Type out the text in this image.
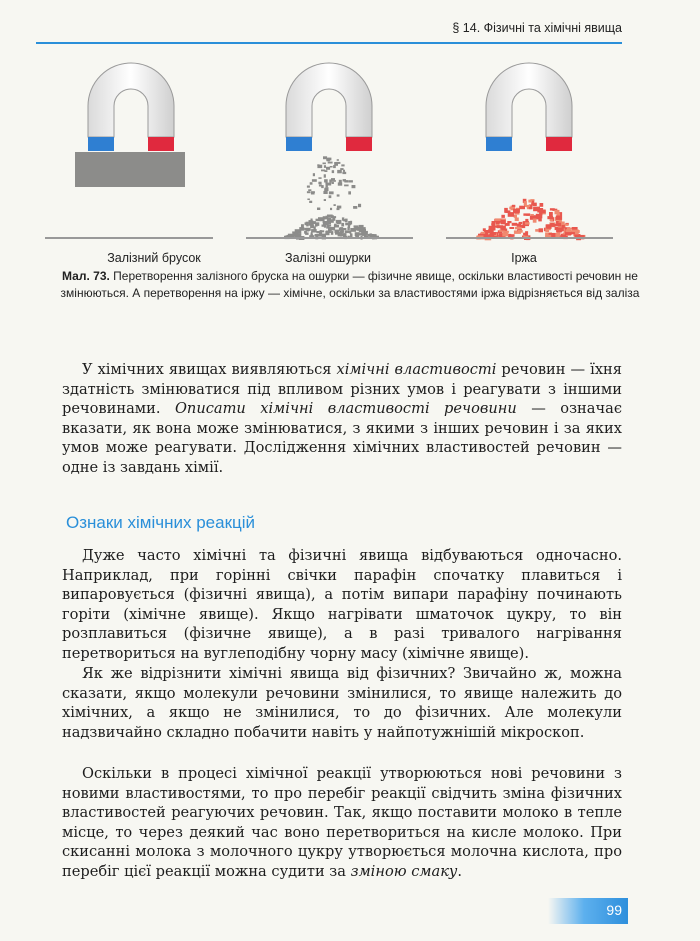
§ 14. Фізичні та хімічні явища
Залізний брусок	Залізні ошурки	Іржа
Мал. 73. Перетворення залізного бруска на ошурки — фізичне явище, оскільки властивості речовин не змінюються. А перетворення на іржу — хімічне, оскільки за властивостями іржа відрізняється від заліза

У хімічних явищах виявляються хімічні властивості речовин — їхня здатність змінюватися під впливом різних умов і реагувати з іншими речовинами. Описати хімічні властивості речовини — означає вказати, як вона може змінюватися, з якими з інших речовин і за яких умов може реагувати. Дослідження хімічних властивостей речовин — одне із завдань хімії.

Ознаки хімічних реакцій

Дуже часто хімічні та фізичні явища відбуваються одночасно. Наприклад, при горінні свічки парафін спочатку плавиться і випаровується (фізичні явища), а потім випари парафіну починають горіти (хімічне явище). Якщо нагрівати шматочок цукру, то він розплавиться (фізичне явище), а в разі тривалого нагрівання перетвориться на вуглеподібну чорну масу (хімічне явище).

Як же відрізнити хімічні явища від фізичних? Звичайно ж, можна сказати, якщо молекули речовини змінилися, то явище належить до хімічних, а якщо не змінилися, то до фізичних. Але молекули надзвичайно складно побачити навіть у найпотужнішій мікроскоп.

Оскільки в процесі хімічної реакції утворюються нові речовини з новими властивостями, то про перебіг реакції свідчить зміна фізичних властивостей реагуючих речовин. Так, якщо поставити молоко в тепле місце, то через деякий час воно перетвориться на кисле молоко. При скисанні молока з молочного цукру утворюється молочна кислота, про перебіг цієї реакції можна судити за зміною смаку.

99
